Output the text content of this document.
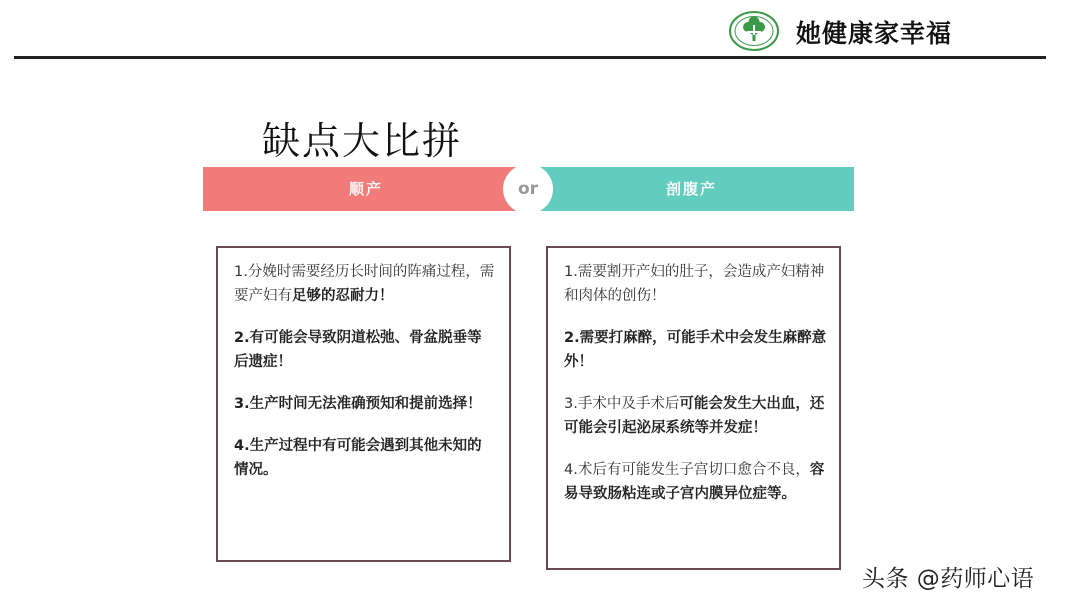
她健康家幸福
缺点大比拼
顺产	剖腹产
or
1.分娩时需要经历长时间的阵痛过程，需要产妇有足够的忍耐力！
2.有可能会导致阴道松弛、骨盆脱垂等后遗症！
3.生产时间无法准确预知和提前选择！
4.生产过程中有可能会遇到其他未知的情况。
1.需要割开产妇的肚子，会造成产妇精神和肉体的创伤！
2.需要打麻醉，可能手术中会发生麻醉意外！
3.手术中及手术后可能会发生大出血，还可能会引起泌尿系统等并发症！
4.术后有可能发生子宫切口愈合不良，容易导致肠粘连或子宫内膜异位症等。
头条 @药师心语
